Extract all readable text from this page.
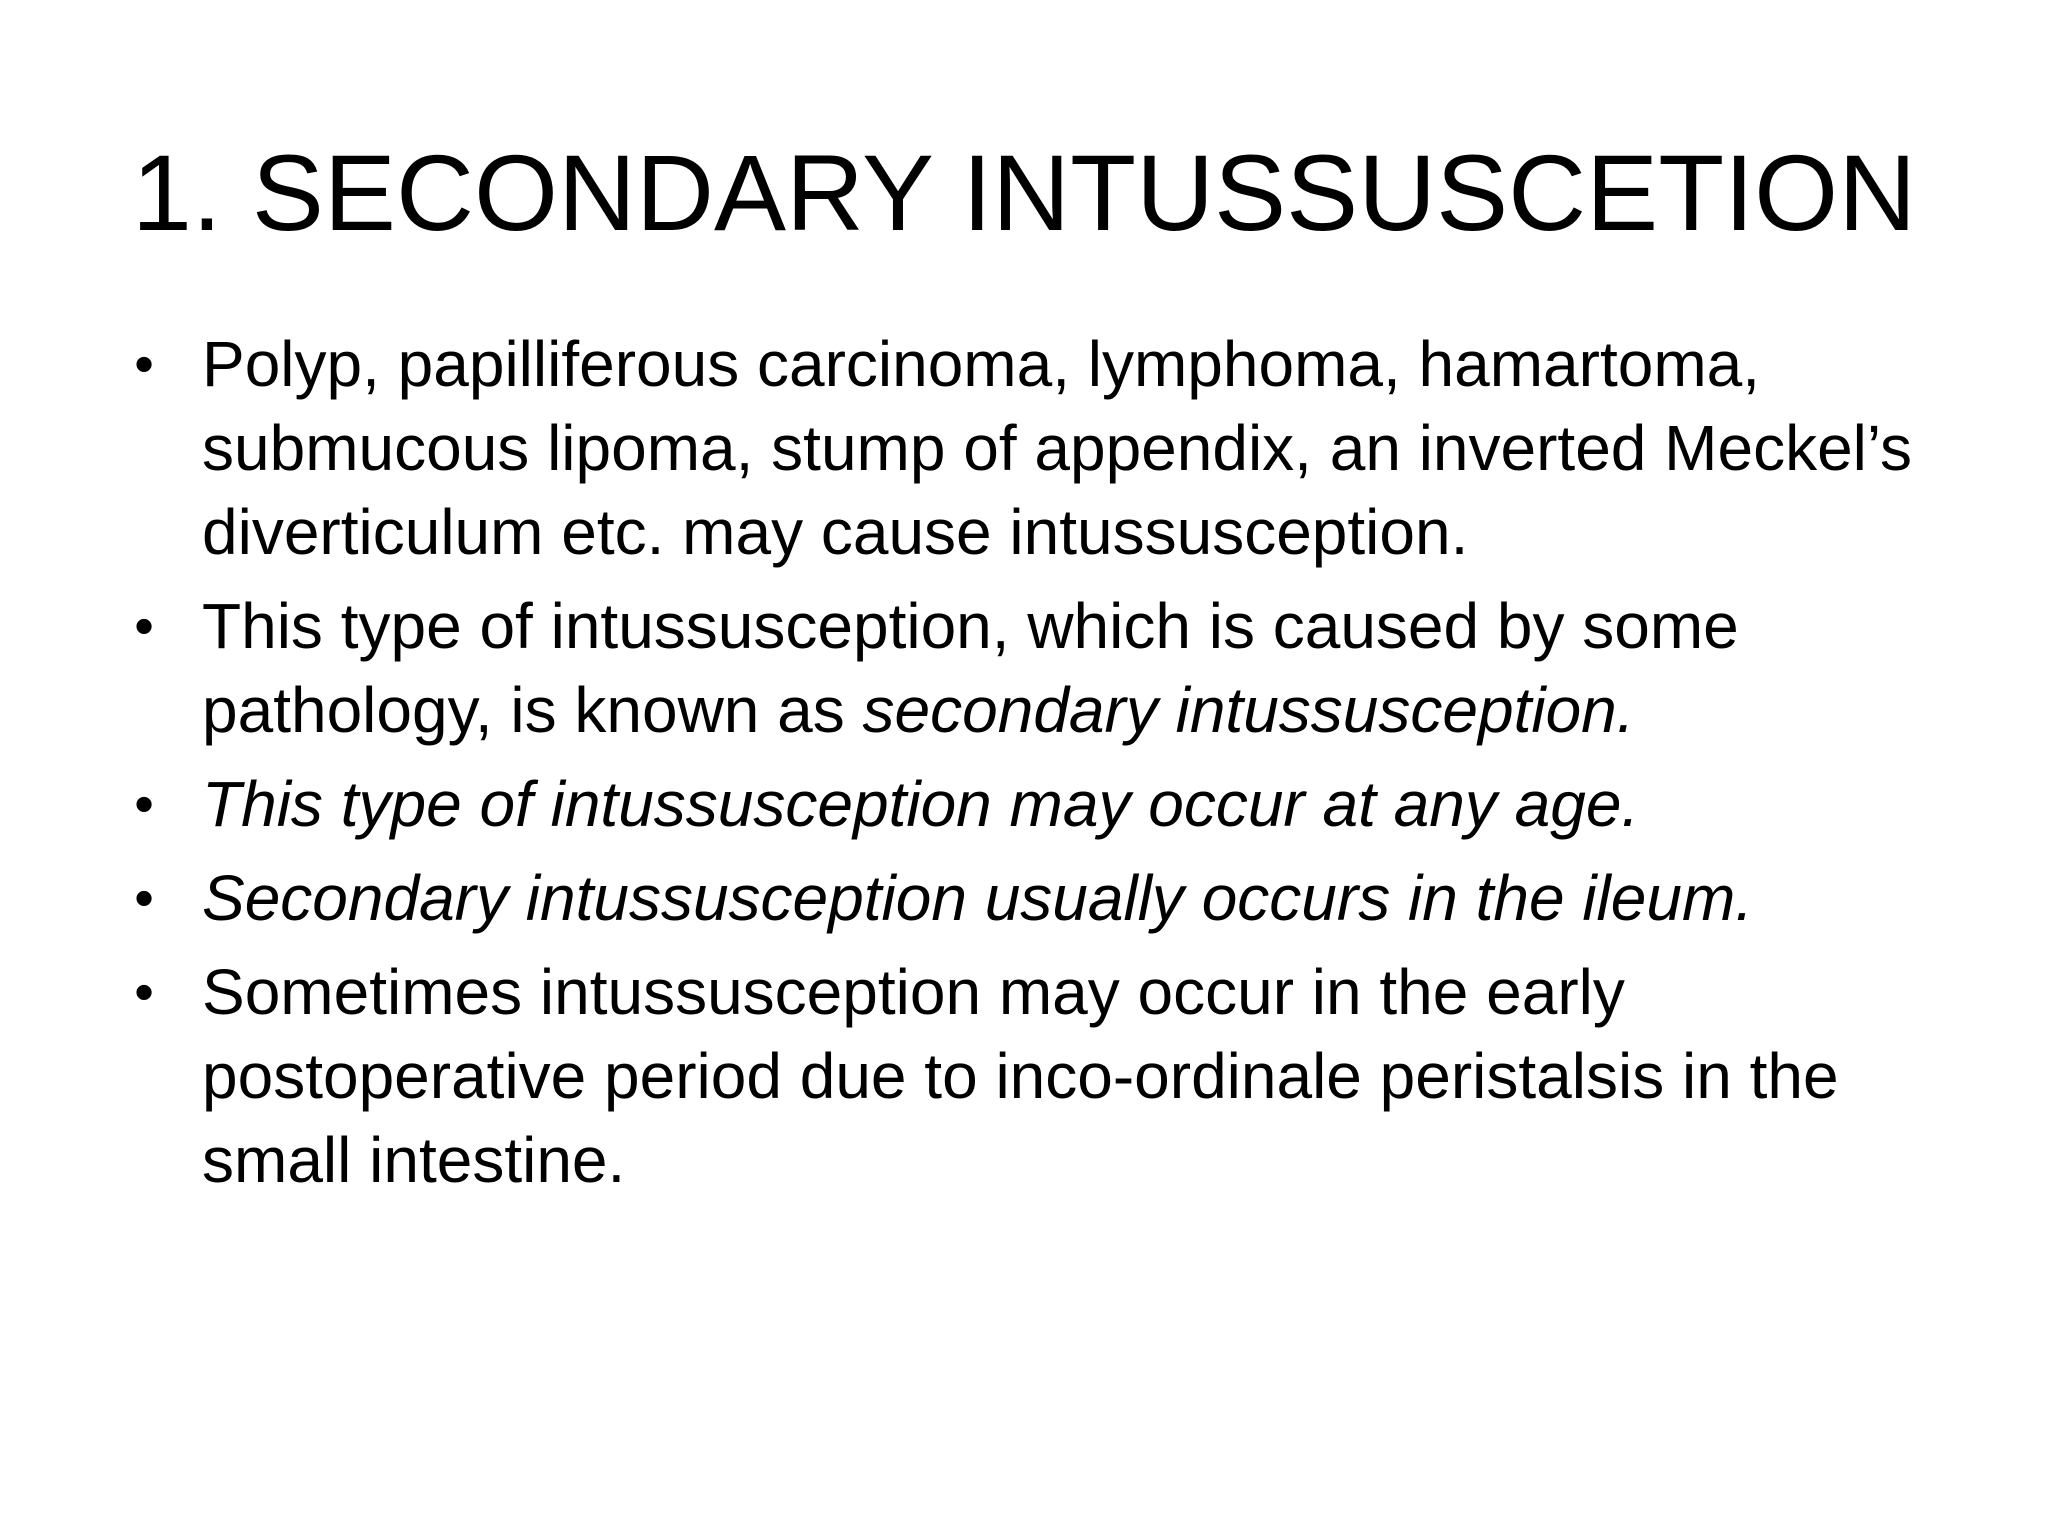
1. SECONDARY INTUSSUSCETION
• Polyp, papilliferous carcinoma, lymphoma, hamartoma, submucous lipoma, stump of appendix, an inverted Meckel’s diverticulum etc. may cause intussusception.
• This type of intussusception, which is caused by some pathology, is known as secondary intussusception.
• This type of intussusception may occur at any age.
• Secondary intussusception usually occurs in the ileum.
• Sometimes intussusception may occur in the early postoperative period due to inco-ordinale peristalsis in the small intestine.
